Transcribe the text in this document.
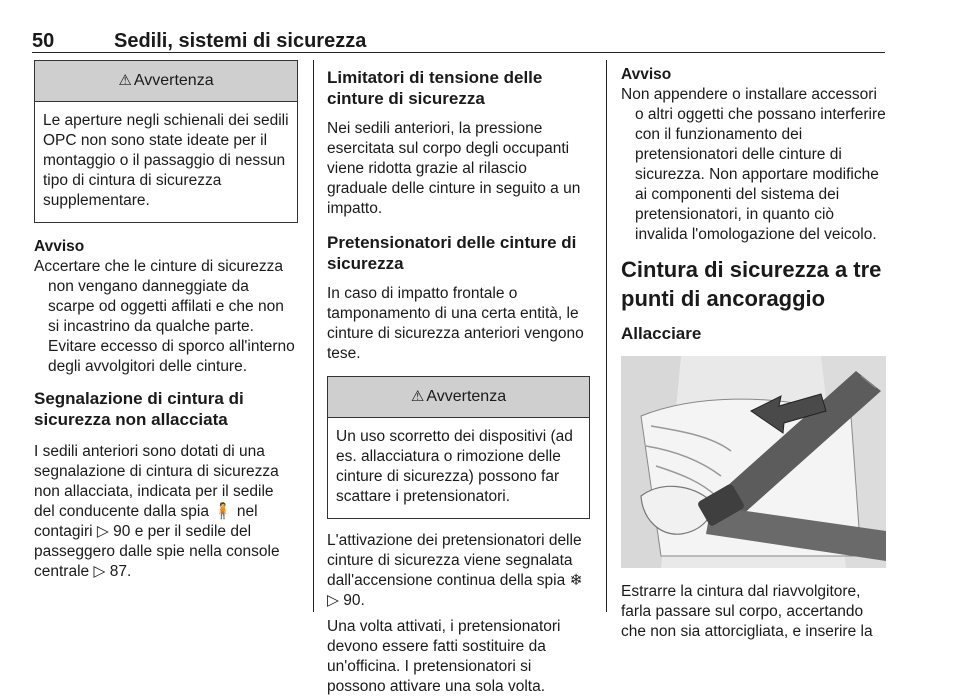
50	Sedili, sistemi di sicurezza
⚠ Avvertenza
Le aperture negli schienali dei sedili OPC non sono state ideate per il montaggio o il passaggio di nessun tipo di cintura di sicurezza supplementare.

Avviso

Accertare che le cinture di sicurezza non vengano danneggiate da scarpe od oggetti affilati e che non si incastrino da qualche parte. Evitare eccesso di sporco all'interno degli avvolgitori delle cinture.

Segnalazione di cintura di sicurezza non allacciata

I sedili anteriori sono dotati di una segnalazione di cintura di sicurezza non allacciata, indicata per il sedile del conducente dalla spia 🧍 nel contagiri ▷ 90 e per il sedile del passeggero dalle spie nella console centrale ▷ 87.

Limitatori di tensione delle cinture di sicurezza

Nei sedili anteriori, la pressione esercitata sul corpo degli occupanti viene ridotta grazie al rilascio graduale delle cinture in seguito a un impatto.

Pretensionatori delle cinture di sicurezza

In caso di impatto frontale o tamponamento di una certa entità, le cinture di sicurezza anteriori vengono tese.

⚠ Avvertenza
Un uso scorretto dei dispositivi (ad es. allacciatura o rimozione delle cinture di sicurezza) possono far scattare i pretensionatori.

L'attivazione dei pretensionatori delle cinture di sicurezza viene segnalata dall'accensione continua della spia ❄ ▷ 90.

Una volta attivati, i pretensionatori devono essere fatti sostituire da un'officina. I pretensionatori si possono attivare una sola volta.

Avviso

Non appendere o installare accessori o altri oggetti che possano interferire con il funzionamento dei pretensionatori delle cinture di sicurezza. Non apportare modifiche ai componenti del sistema dei pretensionatori, in quanto ciò invalida l'omologazione del veicolo.

Cintura di sicurezza a tre punti di ancoraggio
Allacciare

Estrarre la cintura dal riavvolgitore, farla passare sul corpo, accertando che non sia attorcigliata, e inserire la
